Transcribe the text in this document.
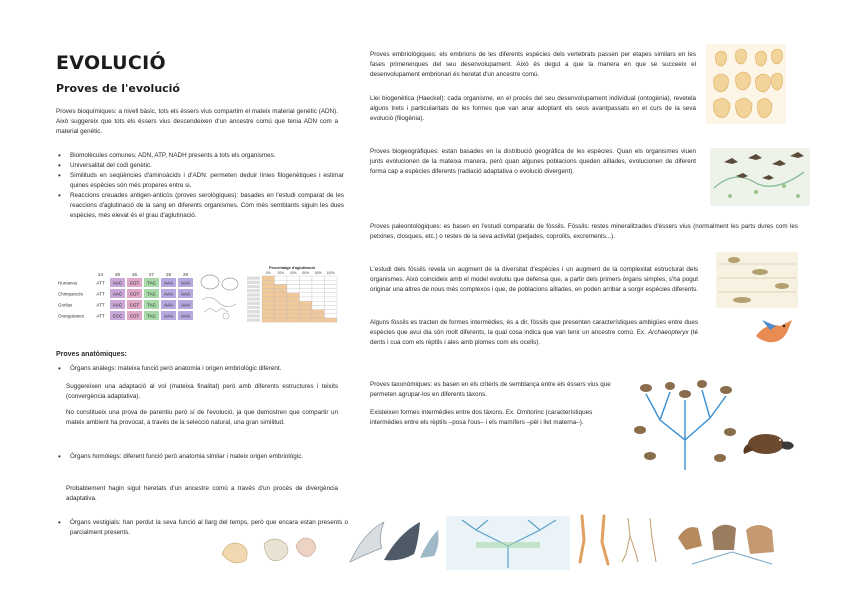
EVOLUCIÓ
Proves de l'evolució

Proves bioquímiques: a nivell bàsic, tots els éssers vius compartim el mateix material genètic (ADN). Això suggereix que tots els éssers vius descendeixen d'un ancestre comú que tenia ADN com a material genètic.

• Biomolècules comunes: ADN, ATP, NADH presents a tots els organismes.
• Universalitat del codi genètic.
• Similituds en seqüències d'aminoàcids i d'ADN: permeten deduir línies filogenètiques i estimar quines espècies són més properes entre si.
• Reaccions creuades antigen-anticòs (proves serològiques): basades en l'estudi comparat de les reaccions d'aglutinació de la sang en diferents organismes. Com més semblants siguin les dues espècies, més elevat és el grau d'aglutinació.
24	25	26	27	28	29
Humanos	ATT AAC CGT TAC AAA AAA
Chimpancés	ATT AAC CGT TAC AAA AAA
Gorilas	ATT AAC CGT TAC AAA AAA
Orangutanes	ATT CCC CGT TAC AAA AAA
Percentatge d'aglutinació
0% 20% 40% 60% 80% 100%

Proves anatòmiques:

• Òrgans anàlegs: mateixa funció però anatomia i origen embriològic diferent.

Suggereixen una adaptació al vol (mateixa finalitat) però amb diferents estructures i teixits (convergència adaptativa).

No constitueix una prova de parentiu però sí de l'evolució, ja que demostren que compartir un mateix ambient ha provocat, a través de la selecció natural, una gran similitud.

• Òrgans homòlegs: diferent funció però anatomia similar i mateix origen embriològic.

Probablement hagin sigut heretats d'un ancestre comú a través d'un procés de divergència adaptativa.

• Òrgans vestigials: han perdut la seva funció al llarg del temps, però que encara estan presents o parcialment presents.

Proves embriològiques: els embrions de les diferents espècies dels vertebrats passen per etapes similars en les fases primerenques del seu desenvolupament. Això és degut a que la manera en que se succeeix el desenvolupament embrionari és heretat d'un ancestre comú.

Llei biogenètica (Haeckel): cada organisme, en el procés del seu desenvolupament individual (ontogènia), revetela alguns trets i particularitats de les formes que van anar adoptant els seus avantpassats en el curs de la seva evolució (filogènia).

Proves biogeogràfiques: estan basades en la distribució geogràfica de les espècies. Quan els organismes viuen junts evolucionen de la mateixa manera, però quan algunes poblacions queden aïllades, evolucionen de diferent forma cap a espècies diferents (radiació adaptativa o evolució divergent).

Proves paleontològiques: es basen en l'estudi comparatiu de fòssils. Fòssils: restes mineralitzades d'éssers vius (normalment les parts dures com les petxines, closques, etc.) o restes de la seva activitat (petjades, coprolits, excrements...).

L'estudi dels fòssils revela un augment de la diversitat d'espècies i un augment de la complexitat estructural dels organismes. Això coincideix amb el model evolutiu que defensa que, a partir dels primers òrgans simples, s'ha pogut originar una altres de nous més complexos i que, de poblacions aïllades, en poden arribar a sorgir espècies diferents.

Alguns fòssils es tracten de formes intermèdies, és a dir, fòssils que presenten característiques ambigües entre dues espècies que avui dia són molt diferents, la qual cosa indica que van tenir un ancestre comú. Ex. Archaeopteryx (té dents i cua com els rèptils i ales amb plomes com els ocells).

Proves taxonòmiques: es basen en els criteris de semblança entre els éssers vius que permeten agrupar-los en diferents tàxons.

Existeixen formes intermèdies entre dos tàxons. Ex. Ornitorinc (característiques intermèdies entre els rèptils –posa l'ous– i els mamífers –pèl i llet materna–).
